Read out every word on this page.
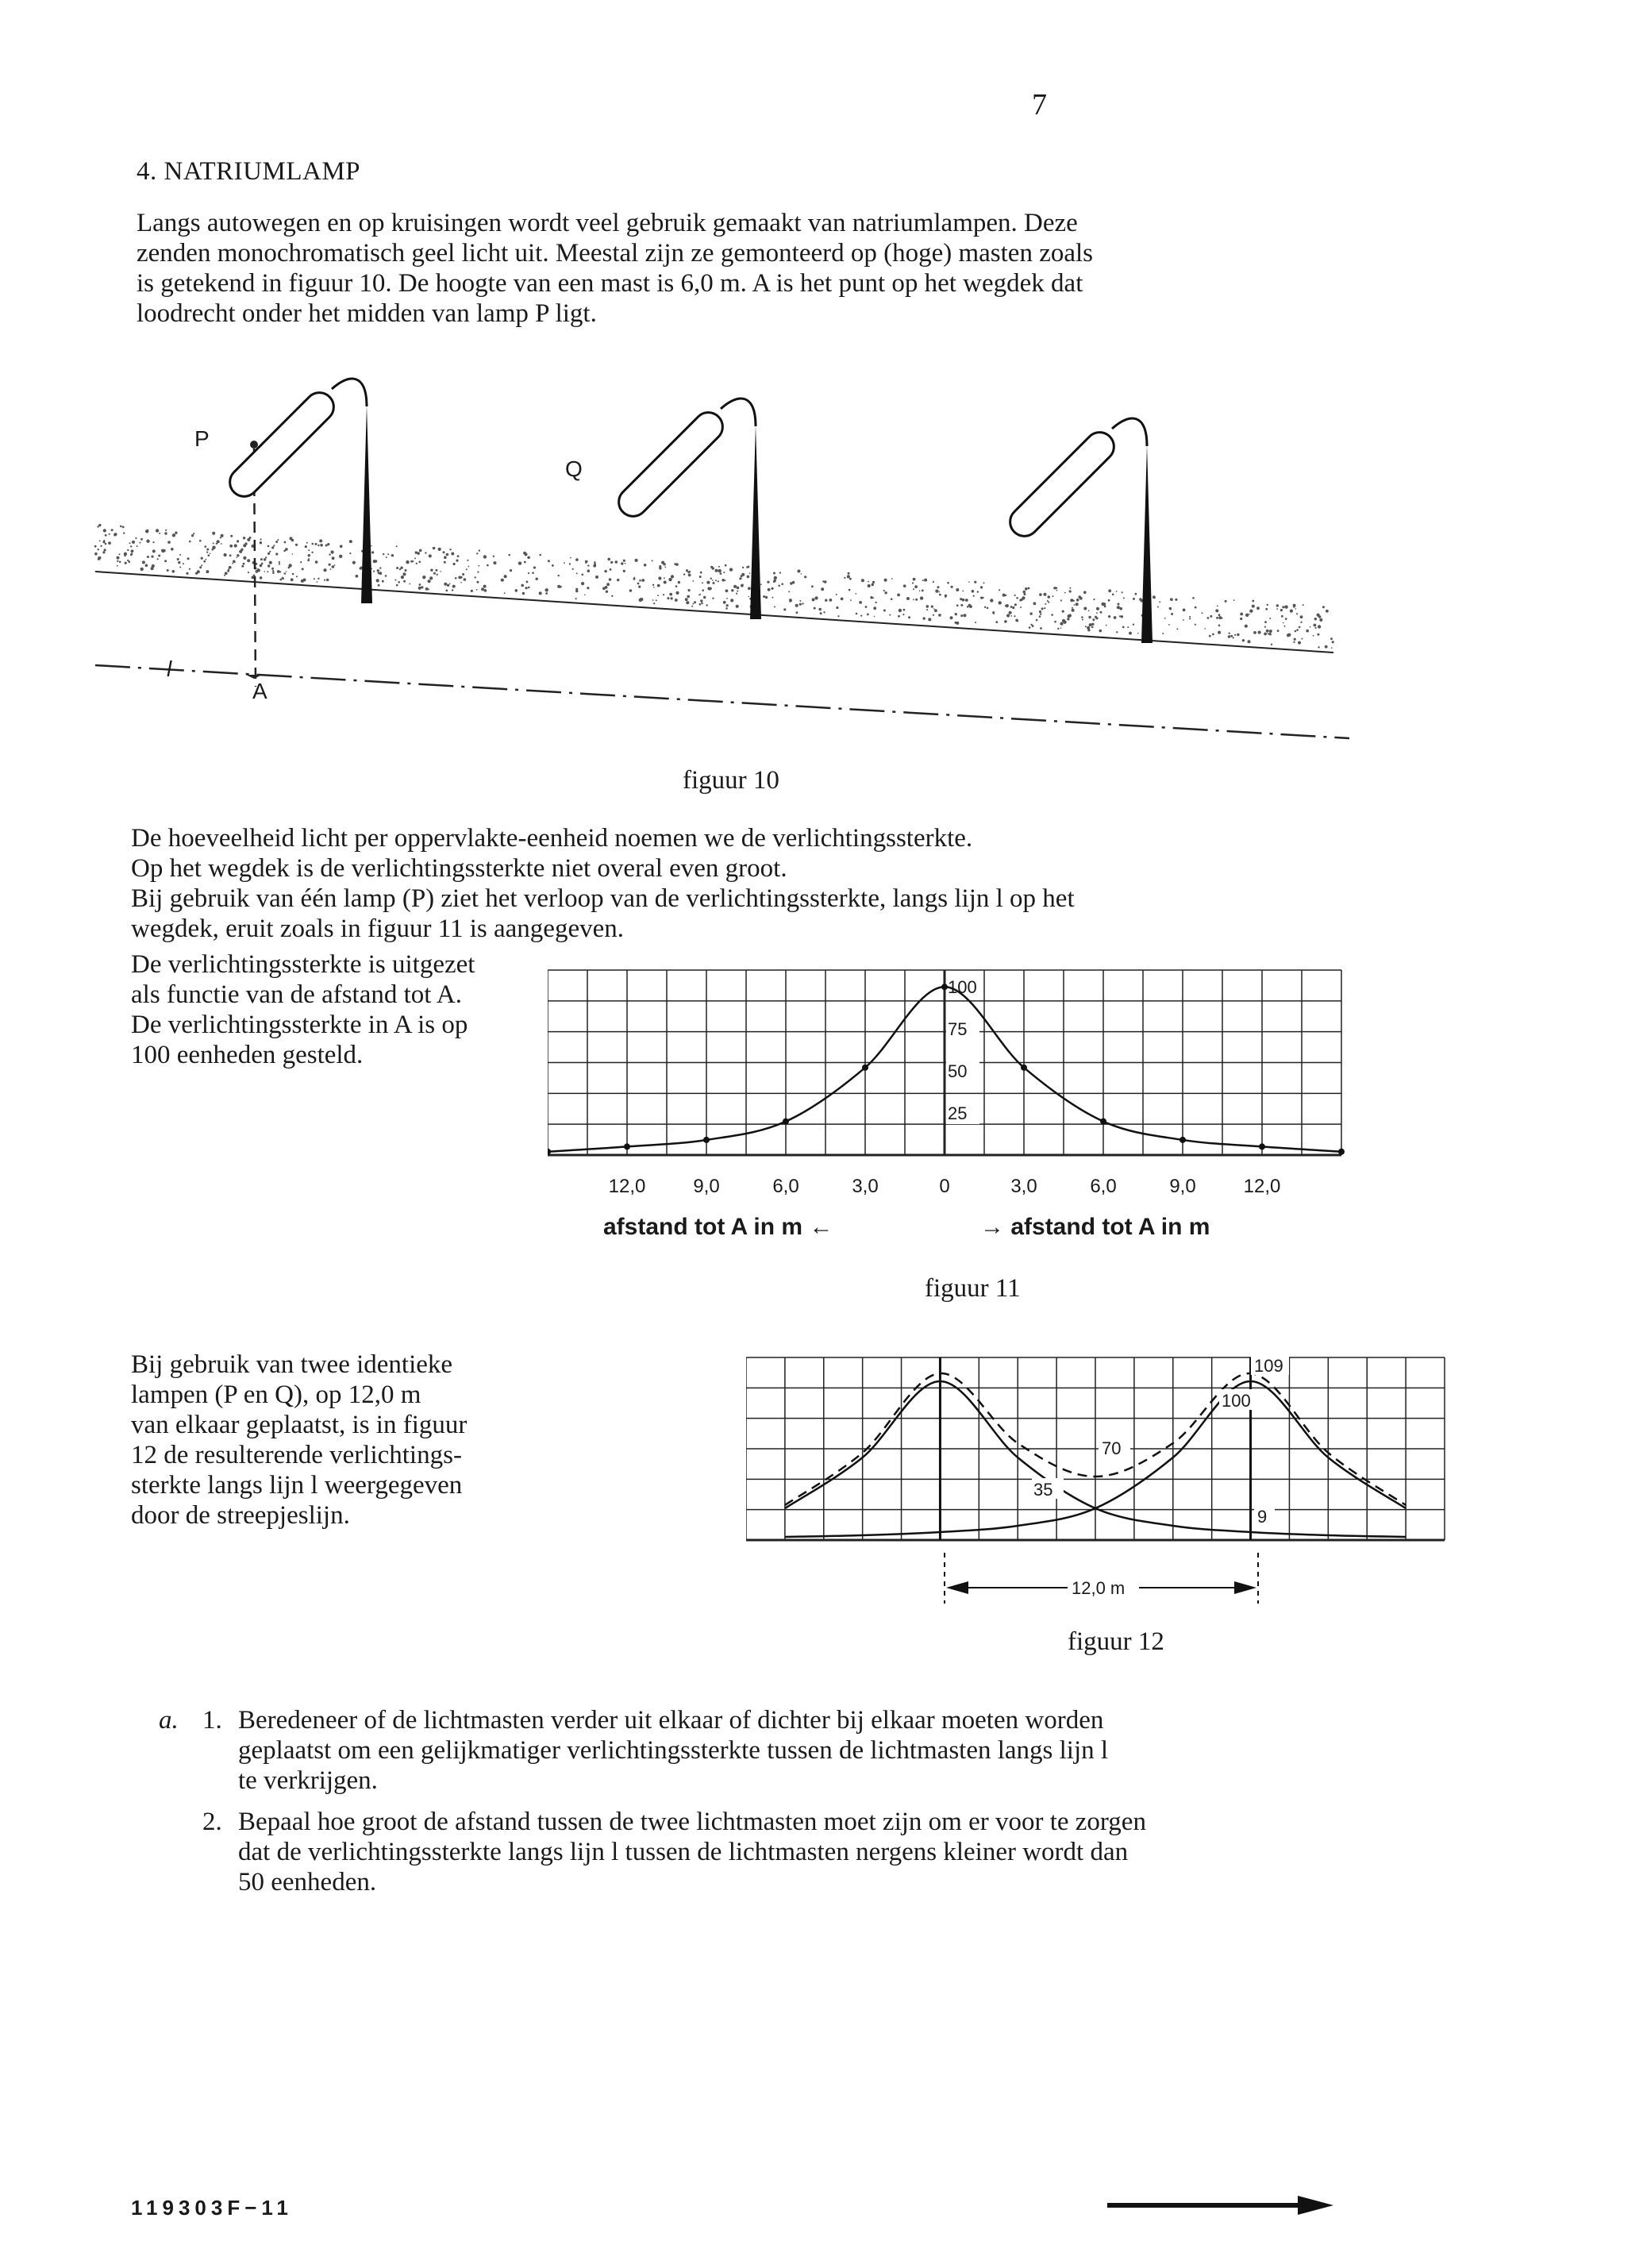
7
4. NATRIUMLAMP
Langs autowegen en op kruisingen wordt veel gebruik gemaakt van natriumlampen. Deze
zenden monochromatisch geel licht uit. Meestal zijn ze gemonteerd op (hoge) masten zoals
is getekend in figuur 10. De hoogte van een mast is 6,0 m. A is het punt op het wegdek dat
loodrecht onder het midden van lamp P ligt.
P
Q
A
l
figuur 10
De hoeveelheid licht per oppervlakte-eenheid noemen we de verlichtingssterkte.
Op het wegdek is de verlichtingssterkte niet overal even groot.
Bij gebruik van één lamp (P) ziet het verloop van de verlichtingssterkte, langs lijn l op het
wegdek, eruit zoals in figuur 11 is aangegeven.
De verlichtingssterkte is uitgezet
als functie van de afstand tot A.
De verlichtingssterkte in A is op
100 eenheden gesteld.
100
75
50
25
12,0 9,0	6,0	3,0	0	3,0	6,0	9,0 12,0
afstand tot A in m ←	→ afstand tot A in m
figuur 11
Bij gebruik van twee identieke
lampen (P en Q), op 12,0 m
van elkaar geplaatst, is in figuur
12 de resulterende verlichtings-
sterkte langs lijn l weergegeven
door de streepjeslijn.
12,0 m
109
100
70
35
9
figuur 12
a. 1. Beredeneer of de lichtmasten verder uit elkaar of dichter bij elkaar moeten worden
geplaatst om een gelijkmatiger verlichtingssterkte tussen de lichtmasten langs lijn l
te verkrijgen.
2. Bepaal hoe groot de afstand tussen de twee lichtmasten moet zijn om er voor te zorgen
dat de verlichtingssterkte langs lijn l tussen de lichtmasten nergens kleiner wordt dan
50 eenheden.
119303F−11
